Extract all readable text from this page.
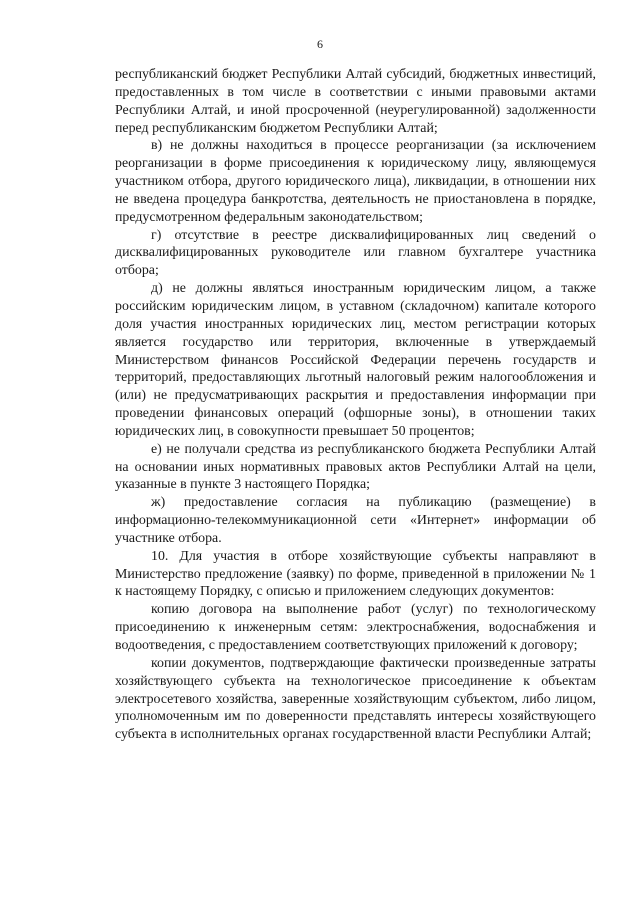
6

республиканский бюджет Республики Алтай субсидий, бюджетных инвестиций, предоставленных в том числе в соответствии с иными правовыми актами Республики Алтай, и иной просроченной (неурегулированной) задолженности перед республиканским бюджетом Республики Алтай;

в) не должны находиться в процессе реорганизации (за исключением реорганизации в форме присоединения к юридическому лицу, являющемуся участником отбора, другого юридического лица), ликвидации, в отношении них не введена процедура банкротства, деятельность не приостановлена в порядке, предусмотренном федеральным законодательством;

г) отсутствие в реестре дисквалифицированных лиц сведений о дисквалифицированных руководителе или главном бухгалтере участника отбора;

д) не должны являться иностранным юридическим лицом, а также российским юридическим лицом, в уставном (складочном) капитале которого доля участия иностранных юридических лиц, местом регистрации которых является государство или территория, включенные в утверждаемый Министерством финансов Российской Федерации перечень государств и территорий, предоставляющих льготный налоговый режим налогообложения и (или) не предусматривающих раскрытия и предоставления информации при проведении финансовых операций (офшорные зоны), в отношении таких юридических лиц, в совокупности превышает 50 процентов;

е) не получали средства из республиканского бюджета Республики Алтай на основании иных нормативных правовых актов Республики Алтай на цели, указанные в пункте 3 настоящего Порядка;

ж) предоставление согласия на публикацию (размещение) в информационно-телекоммуникационной сети «Интернет» информации об участнике отбора.

10. Для участия в отборе хозяйствующие субъекты направляют в Министерство предложение (заявку) по форме, приведенной в приложении № 1 к настоящему Порядку, с описью и приложением следующих документов:

копию договора на выполнение работ (услуг) по технологическому присоединению к инженерным сетям: электроснабжения, водоснабжения и водоотведения, с предоставлением соответствующих приложений к договору;

копии документов, подтверждающие фактически произведенные затраты хозяйствующего субъекта на технологическое присоединение к объектам электросетевого хозяйства, заверенные хозяйствующим субъектом, либо лицом, уполномоченным им по доверенности представлять интересы хозяйствующего субъекта в исполнительных органах государственной власти Республики Алтай;
